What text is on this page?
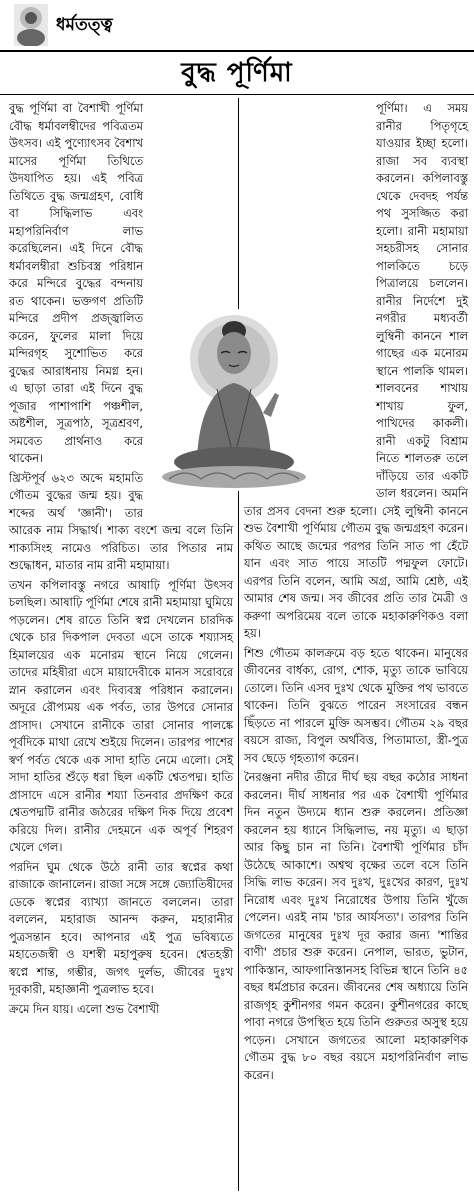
ধর্মতত্ত্ব
বুদ্ধ পূর্ণিমা

বুদ্ধ পূর্ণিমা বা বৈশাখী পূর্ণিমা বৌদ্ধ ধর্মাবলম্বীদের পবিত্রতম উৎসব। এই পুণ্যোৎসব বৈশাখ মাসের পূর্ণিমা তিথিতে উদযাপিত হয়। এই পবিত্র তিথিতে বুদ্ধ জন্মগ্রহণ, বোধি বা সিদ্ধিলাভ এবং মহাপরিনির্বাণ লাভ করেছিলেন। এই দিনে বৌদ্ধ ধর্মাবলম্বীরা শুচিবস্ত্র পরিধান করে মন্দিরে বুদ্ধের বন্দনায় রত থাকেন। ভক্তগণ প্রতিটি মন্দিরে প্রদীপ প্রজ্জ্বালিত করেন, ফুলের মালা দিয়ে মন্দিরগৃহ সুশোভিত করে বুদ্ধের আরাধনায় নিমগ্ন হন। এ ছাড়া তারা এই দিনে বুদ্ধ পূজার পাশাপাশি পঞ্চশীল, অষ্টশীল, সূত্রপাঠ, সূত্রশ্রবণ, সমবেত প্রার্থনাও করে থাকেন।

খ্রিস্টপূর্ব ৬২৩ অব্দে মহামতি গৌতম বুদ্ধের জন্ম হয়। বুদ্ধ শব্দের অর্থ 'জ্ঞানী'। তার আরেক নাম সিদ্ধার্থ। শাক্য বংশে জন্ম বলে তিনি শাক্যসিংহ নামেও পরিচিত। তার পিতার নাম শুদ্ধোধন, মাতার নাম রানী মহামায়া।

তখন কপিলাবস্তু নগরে আষাঢ়ি পূর্ণিমা উৎসব চলছিল। আষাঢ়ি পূর্ণিমা শেষে রানী মহামায়া ঘুমিয়ে পড়লেন। শেষ রাতে তিনি স্বপ্ন দেখলেন চারদিক থেকে চার দিকপাল দেবতা এসে তাকে শয্যাসহ হিমালয়ের এক মনোরম স্থানে নিয়ে গেলেন। তাদের মহিষীরা এসে মায়াদেবীকে মানস সরোবরে স্নান করালেন এবং দিব্যবস্ত্র পরিধান করালেন। অদূরে রৌপ্যময় এক পর্বত, তার উপরে সোনার প্রাসাদ। সেখানে রানীকে তারা সোনার পালঙ্কে পূর্বদিকে মাথা রেখে শুইয়ে দিলেন। তারপর পাশের স্বর্ণ পর্বত থেকে এক সাদা হাতি নেমে এলো। সেই সাদা হাতির শুঁড়ে ধরা ছিল একটি শ্বেতপদ্ম। হাতি প্রাসাদে এসে রানীর শয্যা তিনবার প্রদক্ষিণ করে শ্বেতপদ্মটি রানীর জঠরের দক্ষিণ দিক দিয়ে প্রবেশ করিয়ে দিল। রানীর দেহমনে এক অপূর্ব শিহরণ খেলে গেল।

পরদিন ঘুম থেকে উঠে রানী তার স্বপ্নের কথা রাজাকে জানালেন। রাজা সঙ্গে সঙ্গে জ্যোতিষীদের ডেকে স্বপ্নের ব্যাখ্যা জানতে বললেন। তারা বললেন, মহারাজ আনন্দ করুন, মহারানীর পুত্রসন্তান হবে। আপনার এই পুত্র ভবিষ্যতে মহাতেজস্বী ও যশস্বী মহাপুরুষ হবেন। শ্বেতহস্তী স্বপ্নে শান্ত, গম্ভীর, জগৎ দুর্লভ, জীবের দুঃখ দূরকারী, মহাজ্ঞানী পুত্রলাভ হবে।

ক্রমে দিন যায়। এলো শুভ বৈশাখী

পূর্ণিমা। এ সময় রানীর পিতৃগৃহে যাওয়ার ইচ্ছা হলো। রাজা সব ব্যবস্থা করলেন। কপিলাবস্তু থেকে দেবদহ পর্যন্ত পথ সুসজ্জিত করা হলো। রানী মহামায়া সহচরীসহ সোনার পালকিতে চড়ে পিত্রালয়ে চললেন। রানীর নির্দেশে দুই নগরীর মধ্যবর্তী লুম্বিনী কাননে শাল গাছের এক মনোরম স্থানে পালকি থামল। শালবনের শাখায় শাখায় ফুল, পাখিদের কাকলী। রানী একটু বিশ্রাম নিতে শালতরু তলে দাঁড়িয়ে তার একটি ডাল ধরলেন। অমনি তার প্রসব বেদনা শুরু হলো। সেই লুম্বিনী কাননে শুভ বৈশাখী পূর্ণিমায় গৌতম বুদ্ধ জন্মগ্রহণ করেন। কথিত আছে জন্মের পরপর তিনি সাত পা হেঁটে যান এবং সাত পায়ে সাতটি পদ্মফুল ফোটে। এরপর তিনি বলেন, আমি অগ্র, আমি শ্রেষ্ঠ, এই আমার শেষ জন্ম। সব জীবের প্রতি তার মৈত্রী ও করুণা অপরিমেয় বলে তাকে মহাকারুণিকও বলা হয়।

শিশু গৌতম কালক্রমে বড় হতে থাকেন। মানুষের জীবনের বার্ধক্য, রোগ, শোক, মৃত্যু তাকে ভাবিয়ে তোলে। তিনি এসব দুঃখ থেকে মুক্তির পথ ভাবতে থাকেন। তিনি বুঝতে পারেন সংসারের বন্ধন ছিঁড়তে না পারলে মুক্তি অসম্ভব। গৌতম ২৯ বছর বয়সে রাজ্য, বিপুল অর্থবিত্ত, পিতামাতা, স্ত্রী-পুত্র সব ছেড়ে গৃহত্যাগ করেন।

নৈরঞ্জনা নদীর তীরে দীর্ঘ ছয় বছর কঠোর সাধনা করলেন। দীর্ঘ সাধনার পর এক বৈশাখী পূর্ণিমার দিন নতুন উদ্যমে ধ্যান শুরু করলেন। প্রতিজ্ঞা করলেন হয় ধ্যানে সিদ্ধিলাভ, নয় মৃত্যু। এ ছাড়া আর কিছু চান না তিনি। বৈশাখী পূর্ণিমার চাঁদ উঠেছে আকাশে। অশ্বত্থ বৃক্ষের তলে বসে তিনি সিদ্ধি লাভ করেন। সব দুঃখ, দুঃখের কারণ, দুঃখ নিরোধ এবং দুঃখ নিরোধের উপায় তিনি খুঁজে পেলেন। এরই নাম 'চার আর্যসত্য'। তারপর তিনি জগতের মানুষের দুঃখ দূর করার জন্য 'শান্তির বাণী' প্রচার শুরু করেন। নেপাল, ভারত, ভুটান, পাকিস্তান, আফগানিস্তানসহ বিভিন্ন স্থানে তিনি ৪৫ বছর ধর্মপ্রচার করেন। জীবনের শেষ অধ্যায়ে তিনি রাজগৃহ কুশীনগর গমন করেন। কুশীনগরের কাছে পাবা নগরে উপস্থিত হয়ে তিনি গুরুতর অসুস্থ হয়ে পড়েন। সেখানে জগতের আলো মহাকারুণিক গৌতম বুদ্ধ ৮০ বছর বয়সে মহাপরিনির্বাণ লাভ করেন।
